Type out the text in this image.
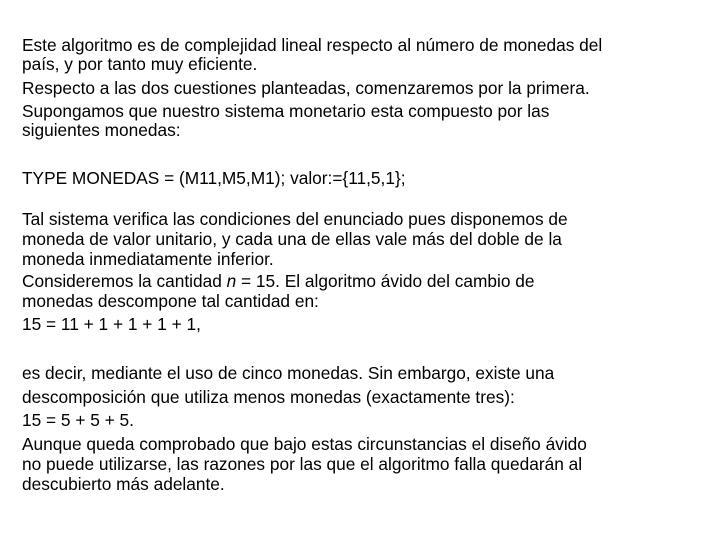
Este algoritmo es de complejidad lineal respecto al número de monedas del

país, y por tanto muy eficiente.

Respecto a las dos cuestiones planteadas, comenzaremos por la primera.

Supongamos que nuestro sistema monetario esta compuesto por las

siguientes monedas:

TYPE MONEDAS = (M11,M5,M1); valor:={11,5,1};

Tal sistema verifica las condiciones del enunciado pues disponemos de

moneda de valor unitario, y cada una de ellas vale más del doble de la

moneda inmediatamente inferior.

Consideremos la cantidad n = 15. El algoritmo ávido del cambio de

monedas descompone tal cantidad en:

15 = 11 + 1 + 1 + 1 + 1,

es decir, mediante el uso de cinco monedas. Sin embargo, existe una

descomposición que utiliza menos monedas (exactamente tres):

15 = 5 + 5 + 5.

Aunque queda comprobado que bajo estas circunstancias el diseño ávido

no puede utilizarse, las razones por las que el algoritmo falla quedarán al

descubierto más adelante.
